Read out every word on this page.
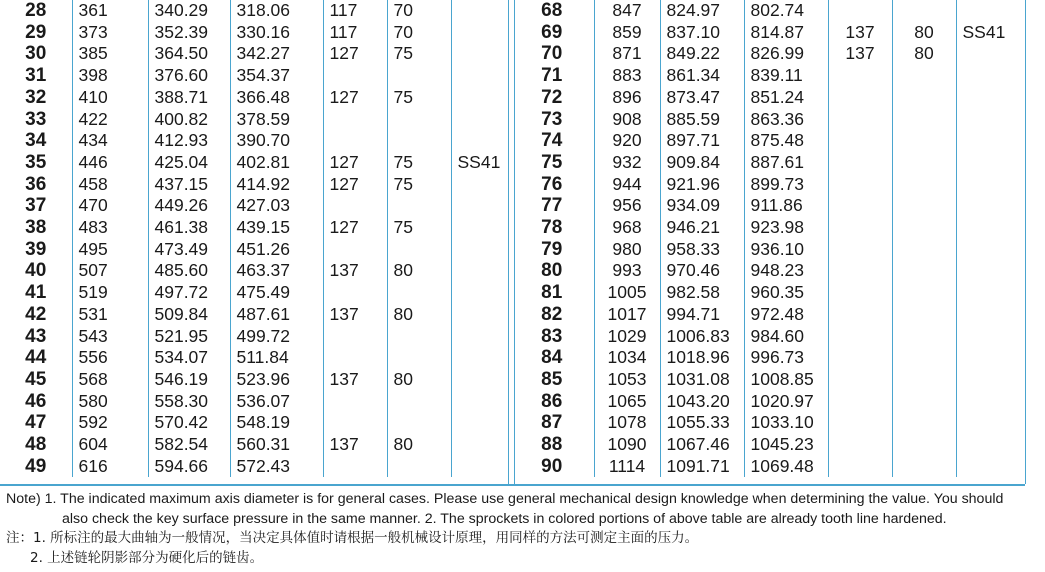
28	361	340.29	318.06	117	70	
29	373	352.39	330.16	117	70	
30	385	364.50	342.27	127	75	
31	398	376.60	354.37			
32	410	388.71	366.48	127	75	
33	422	400.82	378.59			
34	434	412.93	390.70			
35	446	425.04	402.81	127	75	SS41
36	458	437.15	414.92	127	75	
37	470	449.26	427.03			
38	483	461.38	439.15	127	75	
39	495	473.49	451.26			
40	507	485.60	463.37	137	80	
41	519	497.72	475.49			
42	531	509.84	487.61	137	80	
43	543	521.95	499.72			
44	556	534.07	511.84			
45	568	546.19	523.96	137	80	
46	580	558.30	536.07			
47	592	570.42	548.19			
48	604	582.54	560.31	137	80	
49	616	594.66	572.43			
68	847	824.97	802.74			
69	859	837.10	814.87	137	80	SS41
70	871	849.22	826.99	137	80	
71	883	861.34	839.11			
72	896	873.47	851.24			
73	908	885.59	863.36			
74	920	897.71	875.48			
75	932	909.84	887.61			
76	944	921.96	899.73			
77	956	934.09	911.86			
78	968	946.21	923.98			
79	980	958.33	936.10			
80	993	970.46	948.23			
81	1005	982.58	960.35			
82	1017	994.71	972.48			
83	1029	1006.83	984.60			
84	1034	1018.96	996.73			
85	1053	1031.08	1008.85			
86	1065	1043.20	1020.97			
87	1078	1055.33	1033.10			
88	1090	1067.46	1045.23			
90	1114	1091.71	1069.48			
Note) 1. The indicated maximum axis diameter is for general cases. Please use general mechanical design knowledge when determining the value. You should
also check the key surface pressure in the same manner. 2. The sprockets in colored portions of above table are already tooth line hardened.
注：1. 所标注的最大曲轴为一般情况，当决定具体值时请根据一般机械设计原理，用同样的方法可测定主面的压力。
2. 上述链轮阴影部分为硬化后的链齿。
